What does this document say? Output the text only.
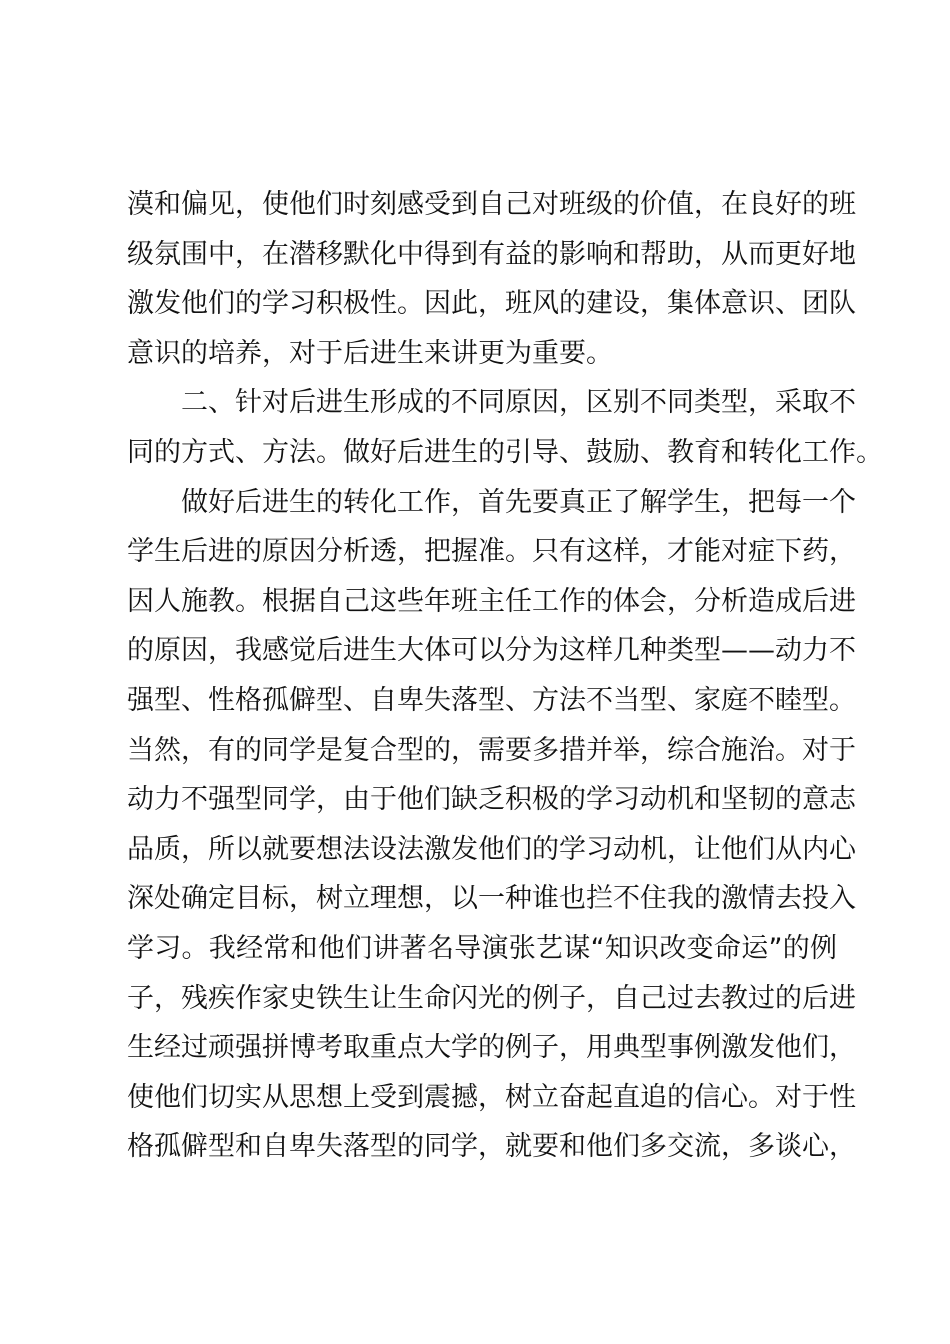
漠和偏见，使他们时刻感受到自己对班级的价值，在良好的班
级氛围中，在潜移默化中得到有益的影响和帮助，从而更好地
激发他们的学习积极性。因此，班风的建设，集体意识、团队
意识的培养，对于后进生来讲更为重要。
二、针对后进生形成的不同原因，区别不同类型，采取不
同的方式、方法。做好后进生的引导、鼓励、教育和转化工作。
做好后进生的转化工作，首先要真正了解学生，把每一个
学生后进的原因分析透，把握准。只有这样，才能对症下药，
因人施教。根据自己这些年班主任工作的体会，分析造成后进
的原因，我感觉后进生大体可以分为这样几种类型——动力不
强型、性格孤僻型、自卑失落型、方法不当型、家庭不睦型。
当然，有的同学是复合型的，需要多措并举，综合施治。对于
动力不强型同学，由于他们缺乏积极的学习动机和坚韧的意志
品质，所以就要想法设法激发他们的学习动机，让他们从内心
深处确定目标，树立理想，以一种谁也拦不住我的激情去投入
学习。我经常和他们讲著名导演张艺谋“知识改变命运”的例
子，残疾作家史铁生让生命闪光的例子，自己过去教过的后进
生经过顽强拼博考取重点大学的例子，用典型事例激发他们，
使他们切实从思想上受到震撼，树立奋起直追的信心。对于性
格孤僻型和自卑失落型的同学，就要和他们多交流，多谈心，
